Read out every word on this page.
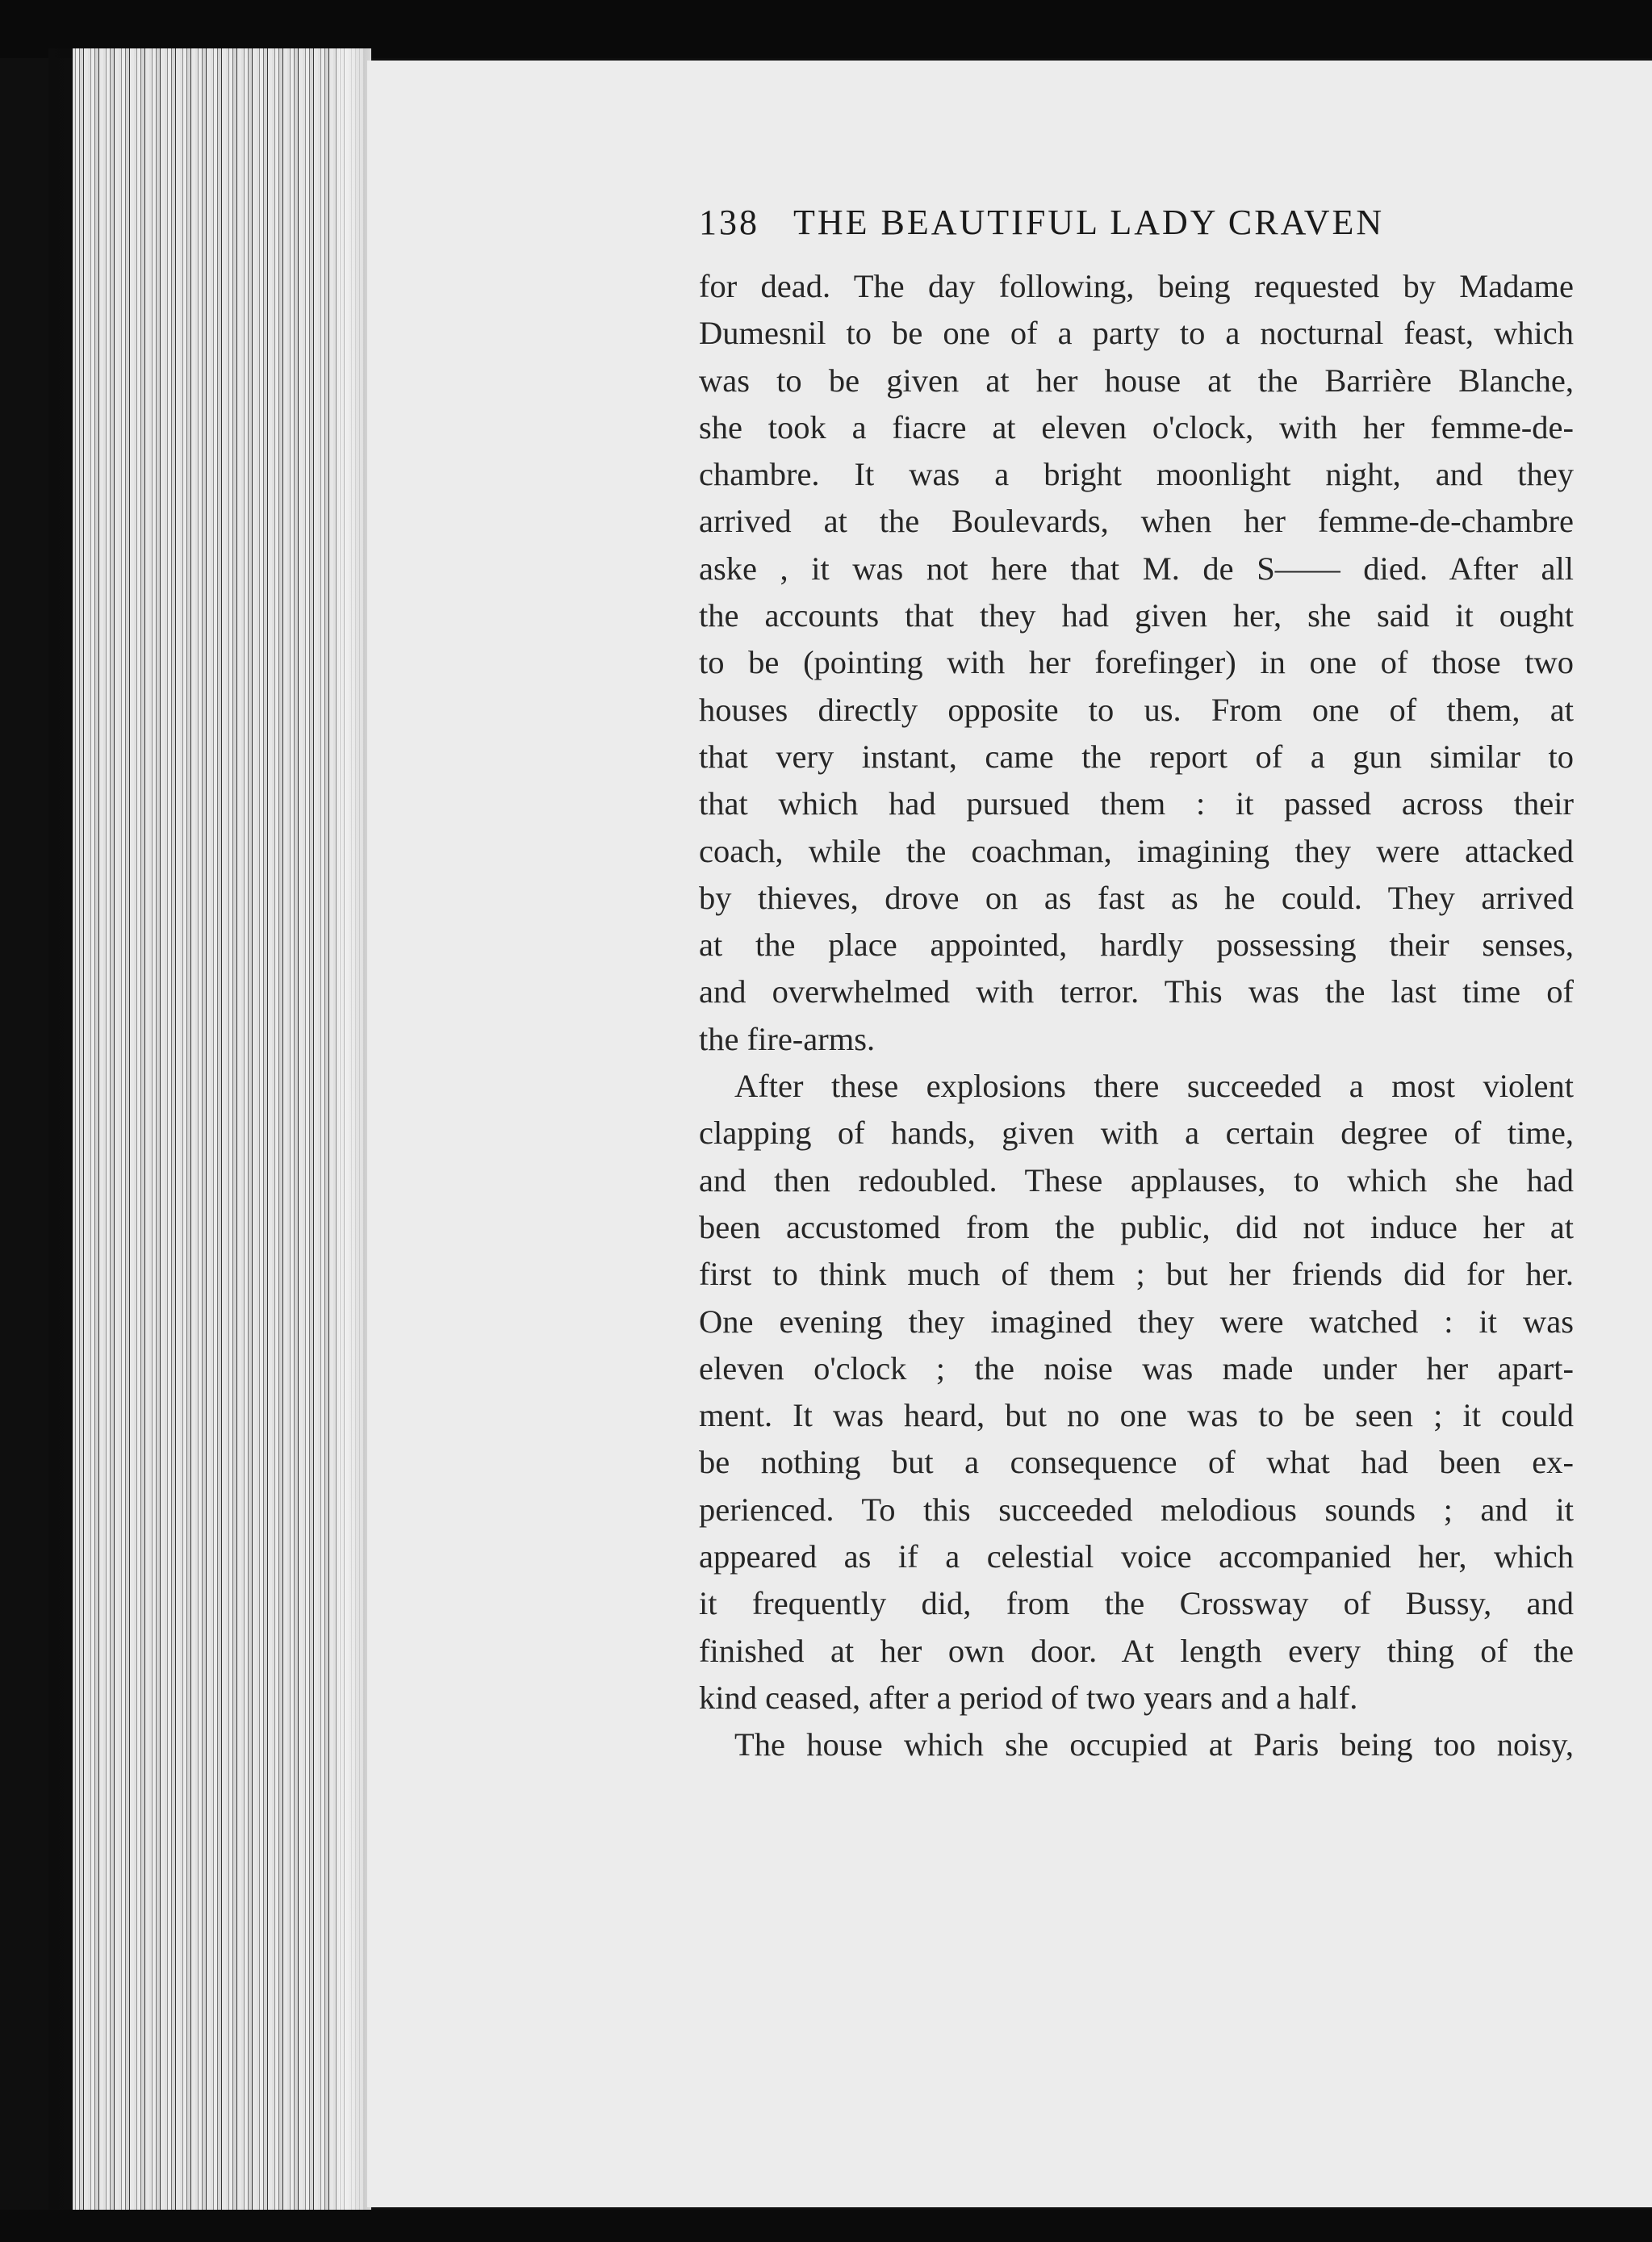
138 THE BEAUTIFUL LADY CRAVEN
for dead. The day following, being requested by Madame
Dumesnil to be one of a party to a nocturnal feast, which
was to be given at her house at the Barrière Blanche,
she took a fiacre at eleven o'clock, with her femme-de-
chambre. It was a bright moonlight night, and they
arrived at the Boulevards, when her femme-de-chambre
aske , it was not here that M. de S—— died. After all
the accounts that they had given her, she said it ought
to be (pointing with her forefinger) in one of those two
houses directly opposite to us. From one of them, at
that very instant, came the report of a gun similar to
that which had pursued them : it passed across their
coach, while the coachman, imagining they were attacked
by thieves, drove on as fast as he could. They arrived
at the place appointed, hardly possessing their senses,
and overwhelmed with terror. This was the last time of
the fire-arms.
After these explosions there succeeded a most violent
clapping of hands, given with a certain degree of time,
and then redoubled. These applauses, to which she had
been accustomed from the public, did not induce her at
first to think much of them ; but her friends did for her.
One evening they imagined they were watched : it was
eleven o'clock ; the noise was made under her apart-
ment. It was heard, but no one was to be seen ; it could
be nothing but a consequence of what had been ex-
perienced. To this succeeded melodious sounds ; and it
appeared as if a celestial voice accompanied her, which
it frequently did, from the Crossway of Bussy, and
finished at her own door. At length every thing of the
kind ceased, after a period of two years and a half.
The house which she occupied at Paris being too noisy,
